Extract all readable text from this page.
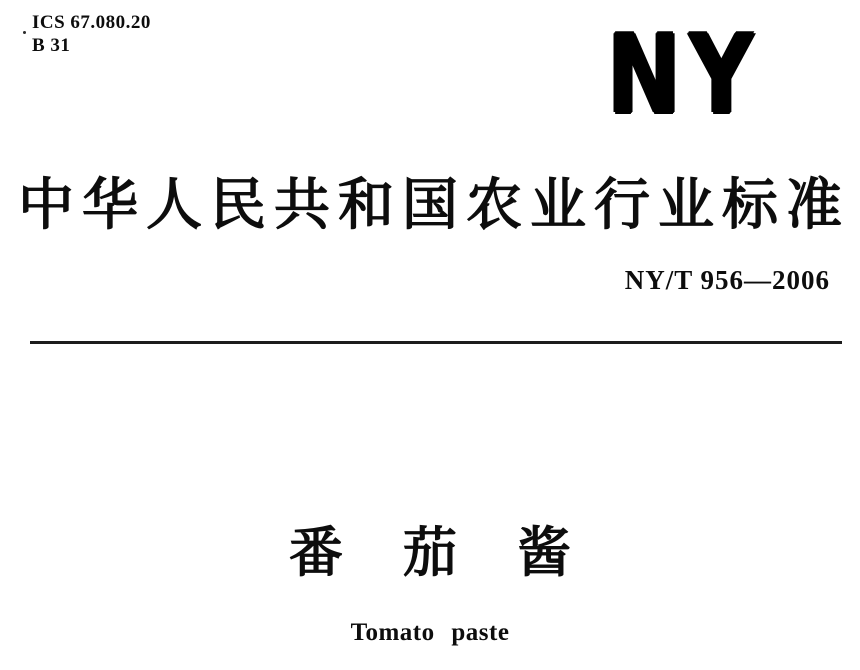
ICS 67.080.20
B 31	NY
中华人民共和国农业行业标准
NY/T 956—2006
番 茄 酱
Tomato paste
